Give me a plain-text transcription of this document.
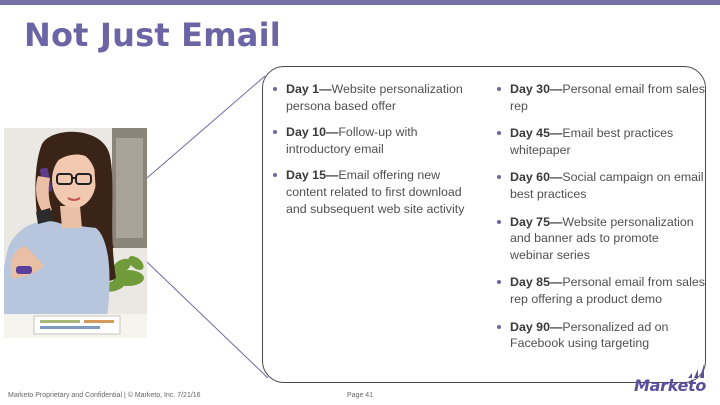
Not Just Email
Day 1—Website personalization persona based offer
Day 10—Follow-up with introductory email
Day 15—Email offering new content related to first download and subsequent web site activity
Day 30—Personal email from sales rep
Day 45—Email best practices whitepaper
Day 60—Social campaign on email best practices
Day 75—Website personalization and banner ads to promote webinar series
Day 85—Personal email from sales rep offering a product demo
Day 90—Personalized ad on Facebook using targeting
Marketo Proprietary and Confidential | © Marketo, Inc. 7/21/16	Page 41
Marketo
